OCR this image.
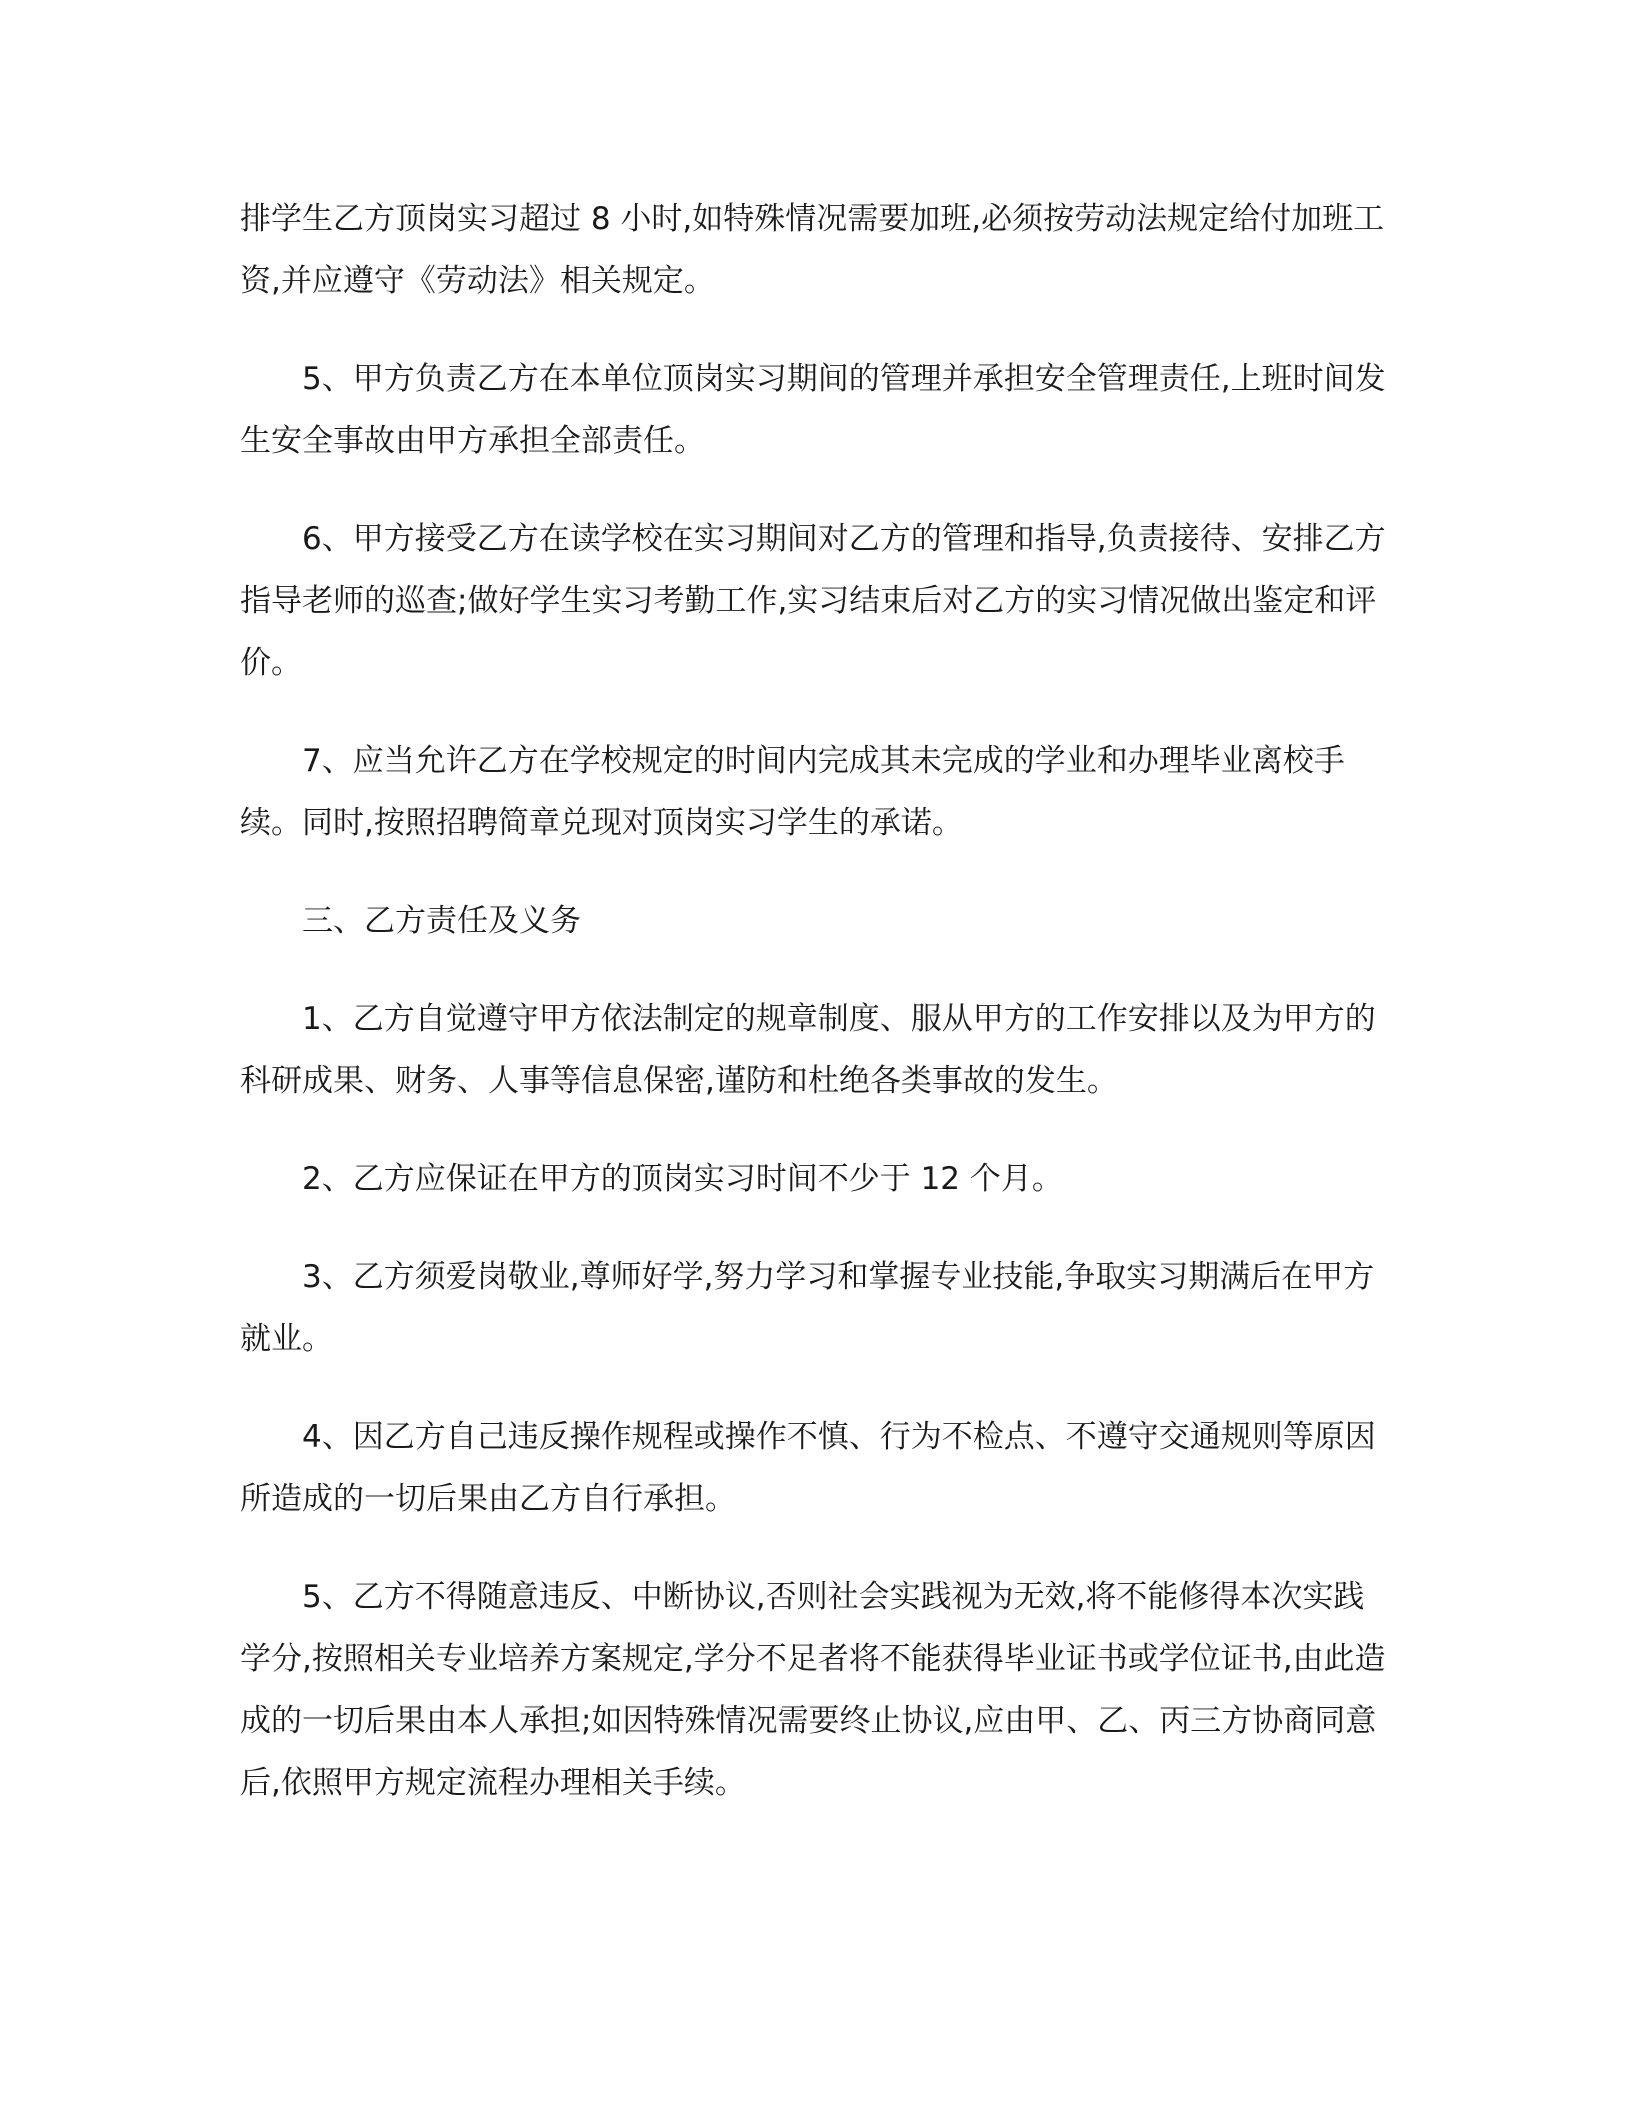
排学生乙方顶岗实习超过 8 小时,如特殊情况需要加班,必须按劳动法规定给付加班工资,并应遵守《劳动法》相关规定。

5、甲方负责乙方在本单位顶岗实习期间的管理并承担安全管理责任,上班时间发生安全事故由甲方承担全部责任。

6、甲方接受乙方在读学校在实习期间对乙方的管理和指导,负责接待、安排乙方指导老师的巡查;做好学生实习考勤工作,实习结束后对乙方的实习情况做出鉴定和评价。

7、应当允许乙方在学校规定的时间内完成其未完成的学业和办理毕业离校手续。同时,按照招聘简章兑现对顶岗实习学生的承诺。

三、乙方责任及义务

1、乙方自觉遵守甲方依法制定的规章制度、服从甲方的工作安排以及为甲方的科研成果、财务、人事等信息保密,谨防和杜绝各类事故的发生。

2、乙方应保证在甲方的顶岗实习时间不少于 12 个月。

3、乙方须爱岗敬业,尊师好学,努力学习和掌握专业技能,争取实习期满后在甲方就业。

4、因乙方自己违反操作规程或操作不慎、行为不检点、不遵守交通规则等原因所造成的一切后果由乙方自行承担。

5、乙方不得随意违反、中断协议,否则社会实践视为无效,将不能修得本次实践学分,按照相关专业培养方案规定,学分不足者将不能获得毕业证书或学位证书,由此造成的一切后果由本人承担;如因特殊情况需要终止协议,应由甲、乙、丙三方协商同意后,依照甲方规定流程办理相关手续。
